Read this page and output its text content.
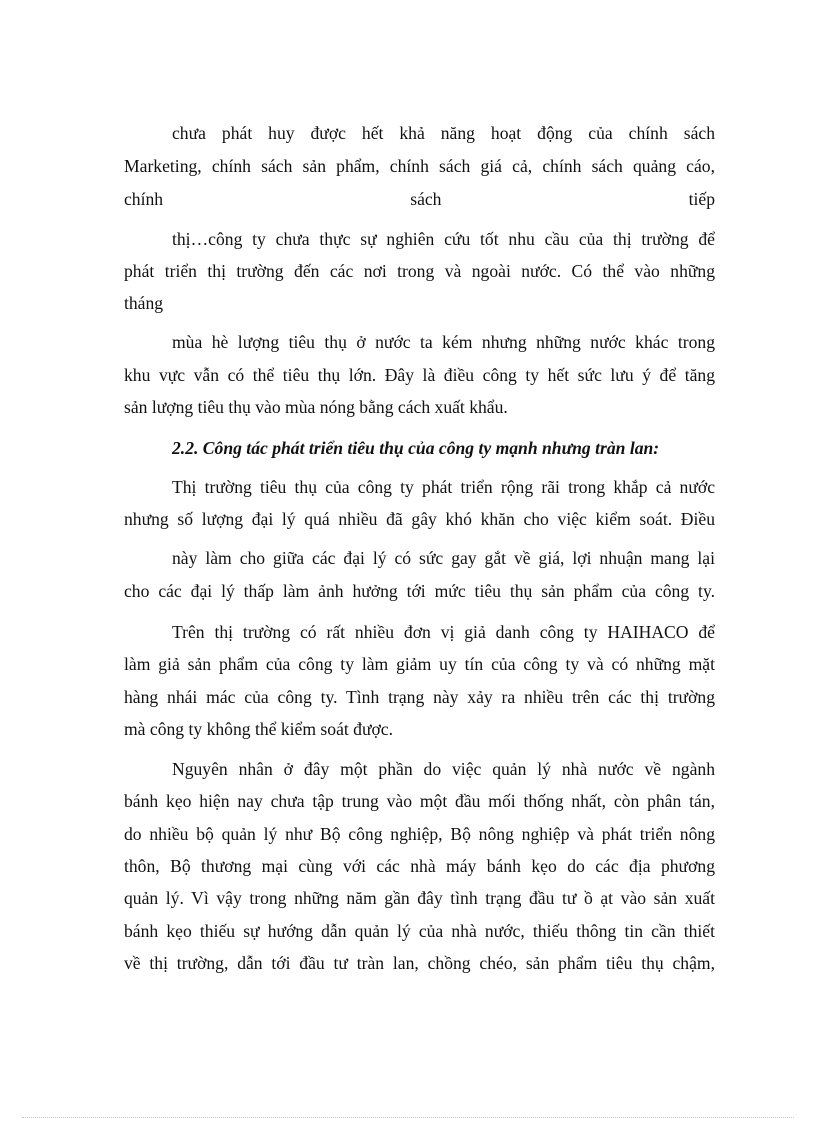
chưa phát huy được hết khả năng hoạt động của chính sách
Marketing, chính sách sản phẩm, chính sách giá cả, chính sách quảng cáo,
chính sách tiếp
thị…công ty chưa thực sự nghiên cứu tốt nhu cầu của thị trường để
phát triển thị trường đến các nơi trong và ngoài nước. Có thể vào những
tháng
mùa hè lượng tiêu thụ ở nước ta kém nhưng những nước khác trong
khu vực vẫn có thể tiêu thụ lớn. Đây là điều công ty hết sức lưu ý để tăng
sản lượng tiêu thụ vào mùa nóng bằng cách xuất khẩu.
2.2. Công tác phát triển tiêu thụ của công ty mạnh nhưng tràn lan:
Thị trường tiêu thụ của công ty phát triển rộng rãi trong khắp cả nước
nhưng số lượng đại lý quá nhiều đã gây khó khăn cho việc kiểm soát. Điều
này làm cho giữa các đại lý có sức gay gắt về giá, lợi nhuận mang lại
cho các đại lý thấp làm ảnh hưởng tới mức tiêu thụ sản phẩm của công ty.
Trên thị trường có rất nhiều đơn vị giả danh công ty HAIHACO để
làm giả sản phẩm của công ty làm giảm uy tín của công ty và có những mặt
hàng nhái mác của công ty. Tình trạng này xảy ra nhiều trên các thị trường
mà công ty không thể kiểm soát được.
Nguyên nhân ở đây một phần do việc quản lý nhà nước về ngành
bánh kẹo hiện nay chưa tập trung vào một đầu mối thống nhất, còn phân tán,
do nhiều bộ quản lý như Bộ công nghiệp, Bộ nông nghiệp và phát triển nông
thôn, Bộ thương mại cùng với các nhà máy bánh kẹo do các địa phương
quản lý. Vì vậy trong những năm gần đây tình trạng đầu tư ồ ạt vào sản xuất
bánh kẹo thiếu sự hướng dẫn quản lý của nhà nước, thiếu thông tin cần thiết
về thị trường, dẫn tới đầu tư tràn lan, chồng chéo, sản phẩm tiêu thụ chậm,
